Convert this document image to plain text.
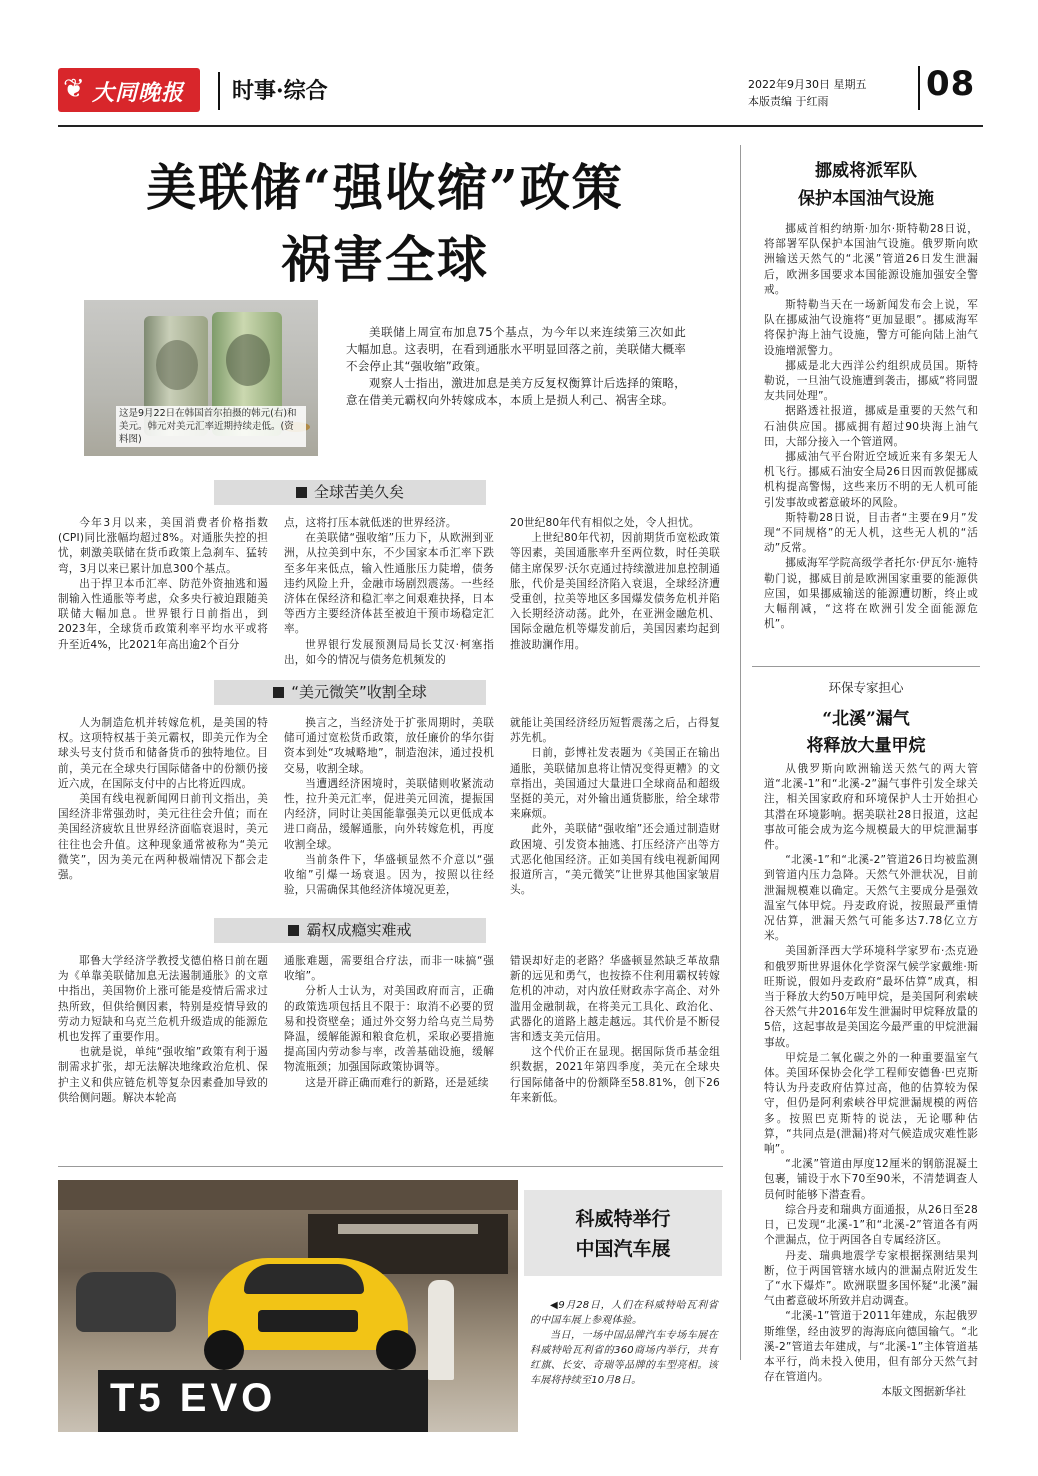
❦ 大同晚报 时事·综合	2022年9月30日 星期五
本版责编 于红雨	08
美联储“强收缩”政策
祸害全球
这是9月22日在韩国首尔拍摄的韩元(右)和美元。韩元对美元汇率近期持续走低。(资料图)

美联储上周宣布加息75个基点，为今年以来连续第三次如此大幅加息。这表明，在看到通胀水平明显回落之前，美联储大概率不会停止其“强收缩”政策。

观察人士指出，激进加息是美方反复权衡算计后选择的策略，意在借美元霸权向外转嫁成本，本质上是损人利己、祸害全球。

全球苦美久矣

今年3月以来，美国消费者价格指数(CPI)同比涨幅均超过8%。对通胀失控的担忧，刺激美联储在货币政策上急刹车、猛转弯，3月以来已累计加息300个基点。

出于捍卫本币汇率、防范外资抽逃和遏制输入性通胀等考虑，众多央行被迫跟随美联储大幅加息。世界银行日前指出，到2023年，全球货币政策利率平均水平或将升至近4%，比2021年高出逾2个百分

点，这将打压本就低迷的世界经济。

在美联储“强收缩”压力下，从欧洲到亚洲，从拉美到中东，不少国家本币汇率下跌至多年来低点，输入性通胀压力陡增，债务违约风险上升，金融市场剧烈震荡。一些经济体在保经济和稳汇率之间艰难抉择，日本等西方主要经济体甚至被迫干预市场稳定汇率。

世界银行发展预测局局长艾汉·柯塞指出，如今的情况与债务危机频发的

20世纪80年代有相似之处，令人担忧。

上世纪80年代初，因前期货币宽松政策等因素，美国通胀率升至两位数，时任美联储主席保罗·沃尔克通过持续激进加息控制通胀，代价是美国经济陷入衰退，全球经济遭受重创，拉美等地区多国爆发债务危机并陷入长期经济动荡。此外，在亚洲金融危机、国际金融危机等爆发前后，美国因素均起到推波助澜作用。

“美元微笑”收割全球

人为制造危机并转嫁危机，是美国的特权。这项特权基于美元霸权，即美元作为全球头号支付货币和储备货币的独特地位。目前，美元在全球央行国际储备中的份额仍接近六成，在国际支付中的占比将近四成。

美国有线电视新闻网日前刊文指出，美国经济非常强劲时，美元往往会升值；而在美国经济疲软且世界经济面临衰退时，美元往往也会升值。这种现象通常被称为“美元微笑”，因为美元在两种极端情况下都会走强。

换言之，当经济处于扩张周期时，美联储可通过宽松货币政策，放任廉价的华尔街资本到处“攻城略地”，制造泡沫，通过投机交易，收割全球。

当遭遇经济困境时，美联储则收紧流动性，拉升美元汇率，促进美元回流，提振国内经济，同时让美国能靠强美元以更低成本进口商品，缓解通胀，向外转嫁危机，再度收割全球。

当前条件下，华盛顿显然不介意以“强收缩”引爆一场衰退。因为，按照以往经验，只需确保其他经济体境况更差，

就能让美国经济经历短暂震荡之后，占得复苏先机。

日前，彭博社发表题为《美国正在输出通胀，美联储加息将让情况变得更糟》的文章指出，美国通过大量进口全球商品和超级坚挺的美元，对外输出通货膨胀，给全球带来麻烦。

此外，美联储“强收缩”还会通过制造财政困境、引发资本抽逃、打压经济产出等方式恶化他国经济。正如美国有线电视新闻网报道所言，“美元微笑”让世界其他国家皱眉头。

霸权成瘾实难戒

耶鲁大学经济学教授戈德伯格日前在题为《单靠美联储加息无法遏制通胀》的文章中指出，美国物价上涨可能是疫情后需求过热所致，但供给侧因素，特别是疫情导致的劳动力短缺和乌克兰危机升级造成的能源危机也发挥了重要作用。

也就是说，单纯“强收缩”政策有利于遏制需求扩张，却无法解决地缘政治危机、保护主义和供应链危机等复杂因素叠加导致的供给侧问题。解决本轮高

通胀难题，需要组合疗法，而非一味搞“强收缩”。

分析人士认为，对美国政府而言，正确的政策选项包括且不限于：取消不必要的贸易和投资壁垒；通过外交努力给乌克兰局势降温，缓解能源和粮食危机，采取必要措施提高国内劳动参与率，改善基础设施，缓解物流瓶颈；加强国际政策协调等。

这是开辟正确而难行的新路，还是延续

错误却好走的老路？华盛顿显然缺乏革故鼎新的远见和勇气，也按捺不住利用霸权转嫁危机的冲动，对内放任财政赤字高企、对外滥用金融制裁，在将美元工具化、政治化、武器化的道路上越走越远。其代价是不断侵害和透支美元信用。

这个代价正在显现。据国际货币基金组织数据，2021年第四季度，美元在全球央行国际储备中的份额降至58.81%，创下26年来新低。

T5 EVO
科威特举行
中国汽车展

◀9月28日，人们在科威特哈瓦利省的中国车展上参观体验。

当日，一场中国品牌汽车专场车展在科威特哈瓦利省的360商场内举行，共有红旗、长安、奇瑞等品牌的车型亮相。该车展将持续至10月8日。

挪威将派军队
保护本国油气设施

挪威首相约纳斯·加尔·斯特勒28日说，将部署军队保护本国油气设施。俄罗斯向欧洲输送天然气的“北溪”管道26日发生泄漏后，欧洲多国要求本国能源设施加强安全警戒。

斯特勒当天在一场新闻发布会上说，军队在挪威油气设施将“更加显眼”。挪威海军将保护海上油气设施，警方可能向陆上油气设施增派警力。

挪威是北大西洋公约组织成员国。斯特勒说，一旦油气设施遭到袭击，挪威“将同盟友共同处理”。

据路透社报道，挪威是重要的天然气和石油供应国。挪威拥有超过90块海上油气田，大部分接入一个管道网。

挪威油气平台附近空域近来有多架无人机飞行。挪威石油安全局26日因而敦促挪威机构提高警惕，这些来历不明的无人机可能引发事故或蓄意破坏的风险。

斯特勒28日说，目击者“主要在9月”发现“不同规格”的无人机，这些无人机的“活动”反常。

挪威海军学院高级学者托尔·伊瓦尔·施特勒门说，挪威目前是欧洲国家重要的能源供应国，如果挪威输送的能源遭切断，终止或大幅削减，“这将在欧洲引发全面能源危机”。

环保专家担心
“北溪”漏气
将释放大量甲烷

从俄罗斯向欧洲输送天然气的两大管道“北溪-1”和“北溪-2”漏气事件引发全球关注，相关国家政府和环境保护人士开始担心其潜在环境影响。据美联社28日报道，这起事故可能会成为迄今规模最大的甲烷泄漏事件。

“北溪-1”和“北溪-2”管道26日均被监测到管道内压力急降。天然气外泄状况，目前泄漏规模难以确定。天然气主要成分是强效温室气体甲烷。丹麦政府说，按照最严重情况估算，泄漏天然气可能多达7.78亿立方米。

美国新泽西大学环境科学家罗布·杰克逊和俄罗斯世界退休化学资深气候学家戴维·斯旺斯说，假如丹麦政府“最坏估算”成真，相当于释放大约50万吨甲烷，是美国阿利索峡谷天然气井2016年发生泄漏时甲烷释放量的5倍，这起事故是美国迄今最严重的甲烷泄漏事故。

甲烷是二氧化碳之外的一种重要温室气体。美国环保协会化学工程师安德鲁·巴克斯特认为丹麦政府估算过高，他的估算较为保守，但仍是阿利索峡谷甲烷泄漏规模的两倍多。按照巴克斯特的说法，无论哪种估算，“共同点是(泄漏)将对气候造成灾难性影响”。

“北溪”管道由厚度12厘米的钢筋混凝土包裹，铺设于水下70至90米，不清楚调查人员何时能够下潜查看。

综合丹麦和瑞典方面通报，从26日至28日，已发现“北溪-1”和“北溪-2”管道各有两个泄漏点，位于两国各自专属经济区。

丹麦、瑞典地震学专家根据探测结果判断，位于两国管辖水域内的泄漏点附近发生了“水下爆炸”。欧洲联盟多国怀疑“北溪”漏气由蓄意破坏所致并启动调查。

“北溪-1”管道于2011年建成，东起俄罗斯维堡，经由波罗的海海底向德国输气。“北溪-2”管道去年建成，与“北溪-1”主体管道基本平行，尚未投入使用，但有部分天然气封存在管道内。

本版文图据新华社
